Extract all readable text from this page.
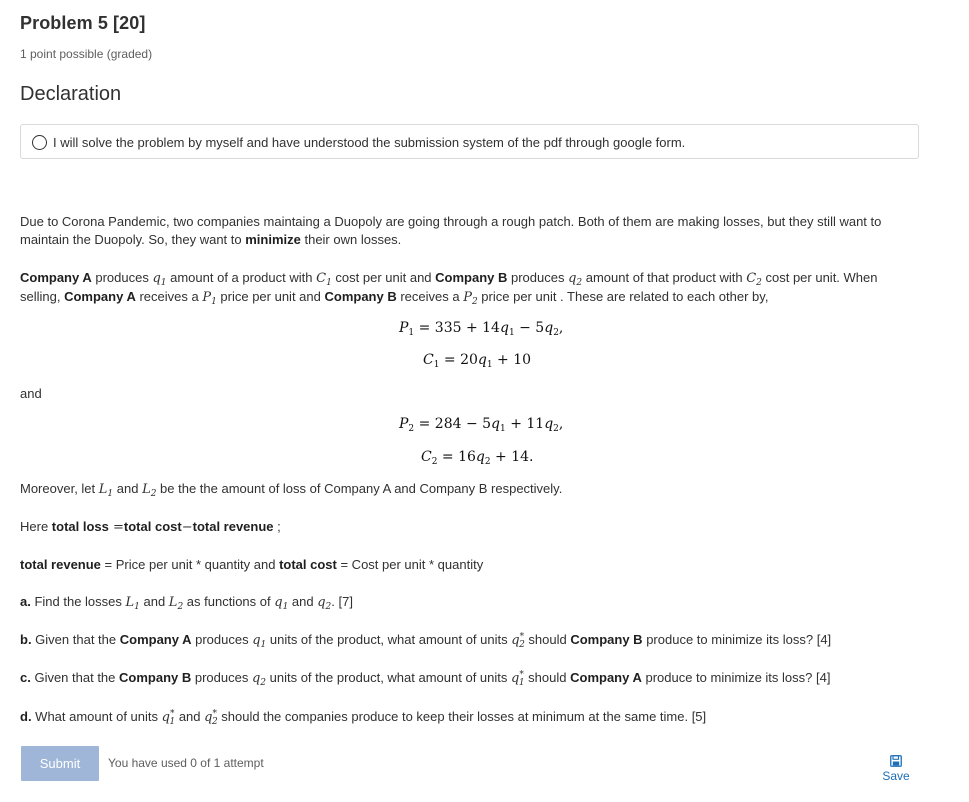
Problem 5 [20]
1 point possible (graded)
Declaration
I will solve the problem by myself and have understood the submission system of the pdf through google form.
Due to Corona Pandemic, two companies maintaing a Duopoly are going through a rough patch. Both of them are making losses, but they still want to
maintain the Duopoly. So, they want to minimize their own losses.
Company A produces $q_1$ amount of a product with $C_1$ cost per unit and Company B produces $q_2$ amount of that product with $C_2$ cost per unit. When
selling, Company A receives a $P_1$ price per unit and Company B receives a $P_2$ price per unit . These are related to each other by,
$P_1 = 335 + 14q_1 - 5q_2$,
$C_1 = 20q_1 + 10$
and
$P_2 = 284 - 5q_1 + 11q_2$,
$C_2 = 16q_2 + 14$.
Moreover, let $L_1$ and $L_2$ be the the amount of loss of Company A and Company B respectively.
Here total loss =total cost−total revenue ;
total revenue = Price per unit * quantity and total cost = Cost per unit * quantity
a. Find the losses $L_1$ and $L_2$ as functions of $q_1$ and $q_2$. [7]
b. Given that the Company A produces $q_1$ units of the product, what amount of units $q^*_2$ should Company B produce to minimize its loss? [4]
c. Given that the Company B produces $q_2$ units of the product, what amount of units $q^*_1$ should Company A produce to minimize its loss? [4]
d. What amount of units $q^*_1$ and $q^*_2$ should the companies produce to keep their losses at minimum at the same time. [5]
Submit	You have used 0 of 1 attempt
Save
